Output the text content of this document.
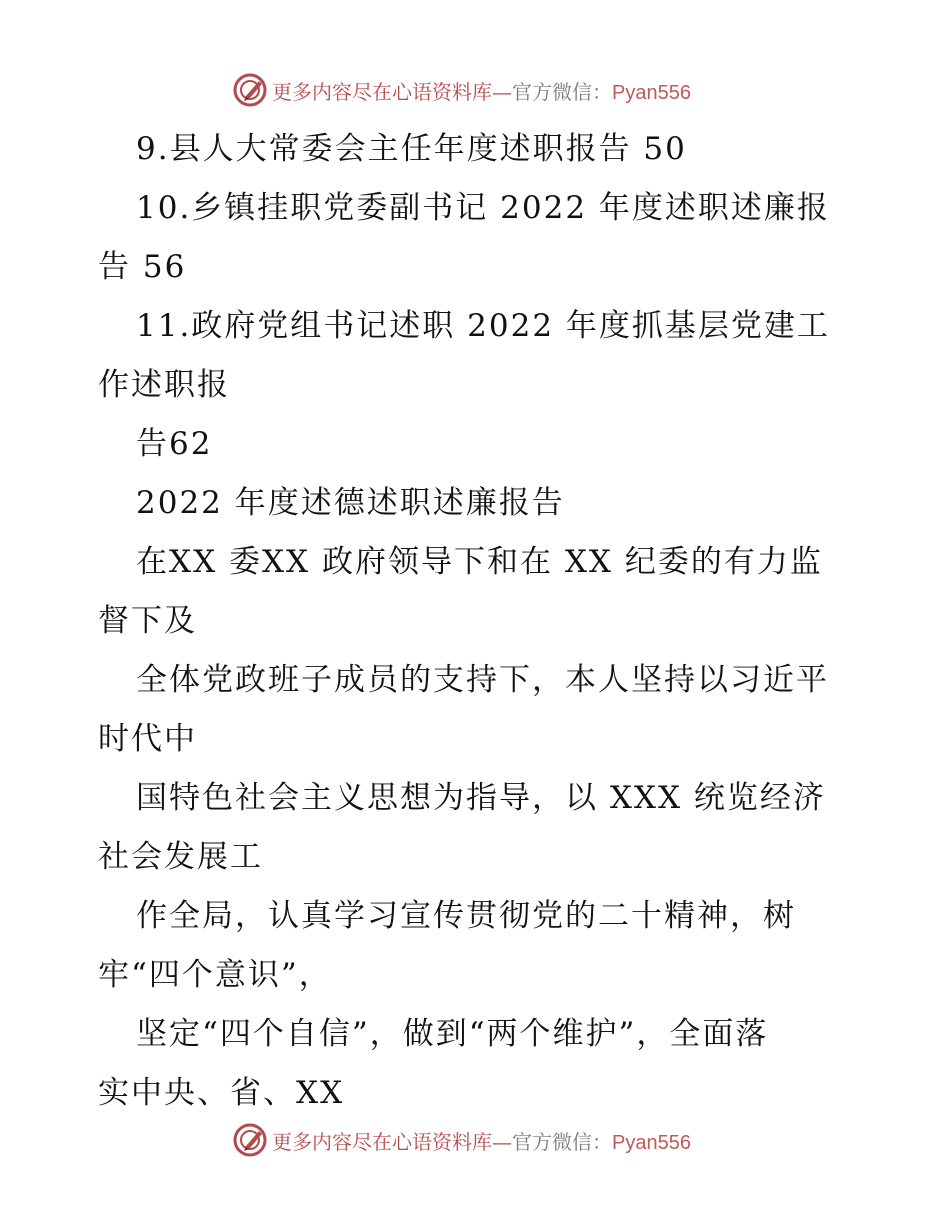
更多内容尽在心语资料库—官方微信：Pyan556
9.县人大常委会主任年度述职报告 50
10.乡镇挂职党委副书记 2022 年度述职述廉报
告 56
11.政府党组书记述职 2022 年度抓基层党建工
作述职报
告62
2022 年度述德述职述廉报告
在XX 委XX 政府领导下和在 XX 纪委的有力监
督下及
全体党政班子成员的支持下，本人坚持以习近平
时代中
国特色社会主义思想为指导，以 XXX 统览经济
社会发展工
作全局，认真学习宣传贯彻党的二十精神，树
牢“四个意识”，
坚定“四个自信”，做到“两个维护”，全面落
实中央、省、XX
更多内容尽在心语资料库—官方微信：Pyan556
